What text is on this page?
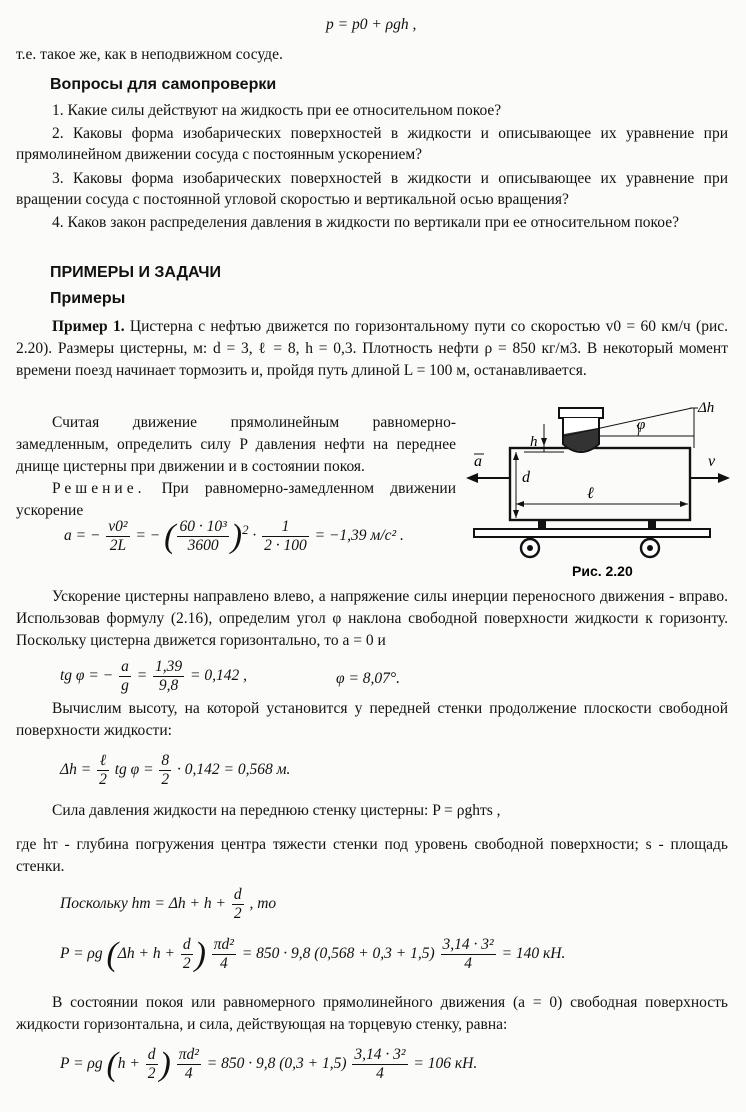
p = p0 + ρgh ,
т.е. такое же, как в неподвижном сосуде.
Вопросы для самопроверки
1. Какие силы действуют на жидкость при ее относительном покое?
2. Каковы форма изобарических поверхностей в жидкости и описывающее их уравнение при прямолинейном движении сосуда с постоянным ускорением?
3. Каковы форма изобарических поверхностей в жидкости и описывающее их уравнение при вращении сосуда с постоянной угловой скоростью и вертикальной осью вращения?
4. Каков закон распределения давления в жидкости по вертикали при ее относительном покое?
ПРИМЕРЫ И ЗАДАЧИ
Примеры
Пример 1. Цистерна с нефтью движется по горизонтальному пути со скоростью v0 = 60 км/ч (рис. 2.20). Размеры цистерны, м: d = 3, ℓ = 8, h = 0,3. Плотность нефти ρ = 850 кг/м3. В некоторый момент времени поезд начинает тормозить и, пройдя путь длиной L = 100 м, останавливается.
Считая движение прямолинейным равномерно-замедленным, определить силу P давления нефти на переднее днище цистерны при движении и в состоянии покоя.
Решение. При равномерно-замедленном движении ускорение
φ
Δh
h
d
ℓ
a	v
Рис. 2.20
a = − $\frac{\text{v0²}}{2L}$ = − ( $\frac{\text{60 · 10³}}{3600} )^2 \cdot \frac{1}{2 \cdot 100} = -1,39$ м/с² .
Ускорение цистерны направлено влево, а напряжение силы инерции переносного движения - вправо. Использовав формулу (2.16), определим угол φ наклона свободной поверхности жидкости к горизонту. Поскольку цистерна движется горизонтально, то a = 0 и
tg φ = − $\frac{a}{g} = \frac{1,39}{9,8} = 0,142$ ,	φ = 8,07°.
Вычислим высоту, на которой установится у передней стенки продолжение плоскости свободной поверхности жидкости:
$\Delta h = \frac{\text{ℓ}}{2}$ tg $\varphi = \frac{8}{2} \cdot 0,142 = 0,568$ м.
Сила давления жидкости на переднюю стенку цистерны: P = ρghтs ,
где hт - глубина погружения центра тяжести стенки под уровень свободной поверхности; s - площадь стенки.
Поскольку hт = $\Delta h + h + \frac{d}{2}$ , то
P = ρg ($\Delta h + h + \frac{d}{2}$ ) $\frac{\text{πd²}}{4} = 850 \cdot 9,8$ $(0,568 + 0,3 + 1,5) \frac{\text{3,14 · 3²}}{4} = 140$ кН.
В состоянии покоя или равномерного прямолинейного движения (a = 0) свободная поверхность жидкости горизонтальна, и сила, действующая на торцевую стенку, равна:
P = ρg ($h + \frac{d}{2}$ ) $\frac{\text{πd²}}{4} = 850 \cdot 9,8$ $(0,3 + 1,5) \frac{\text{3,14 · 3²}}{4} = 106$ кН.
